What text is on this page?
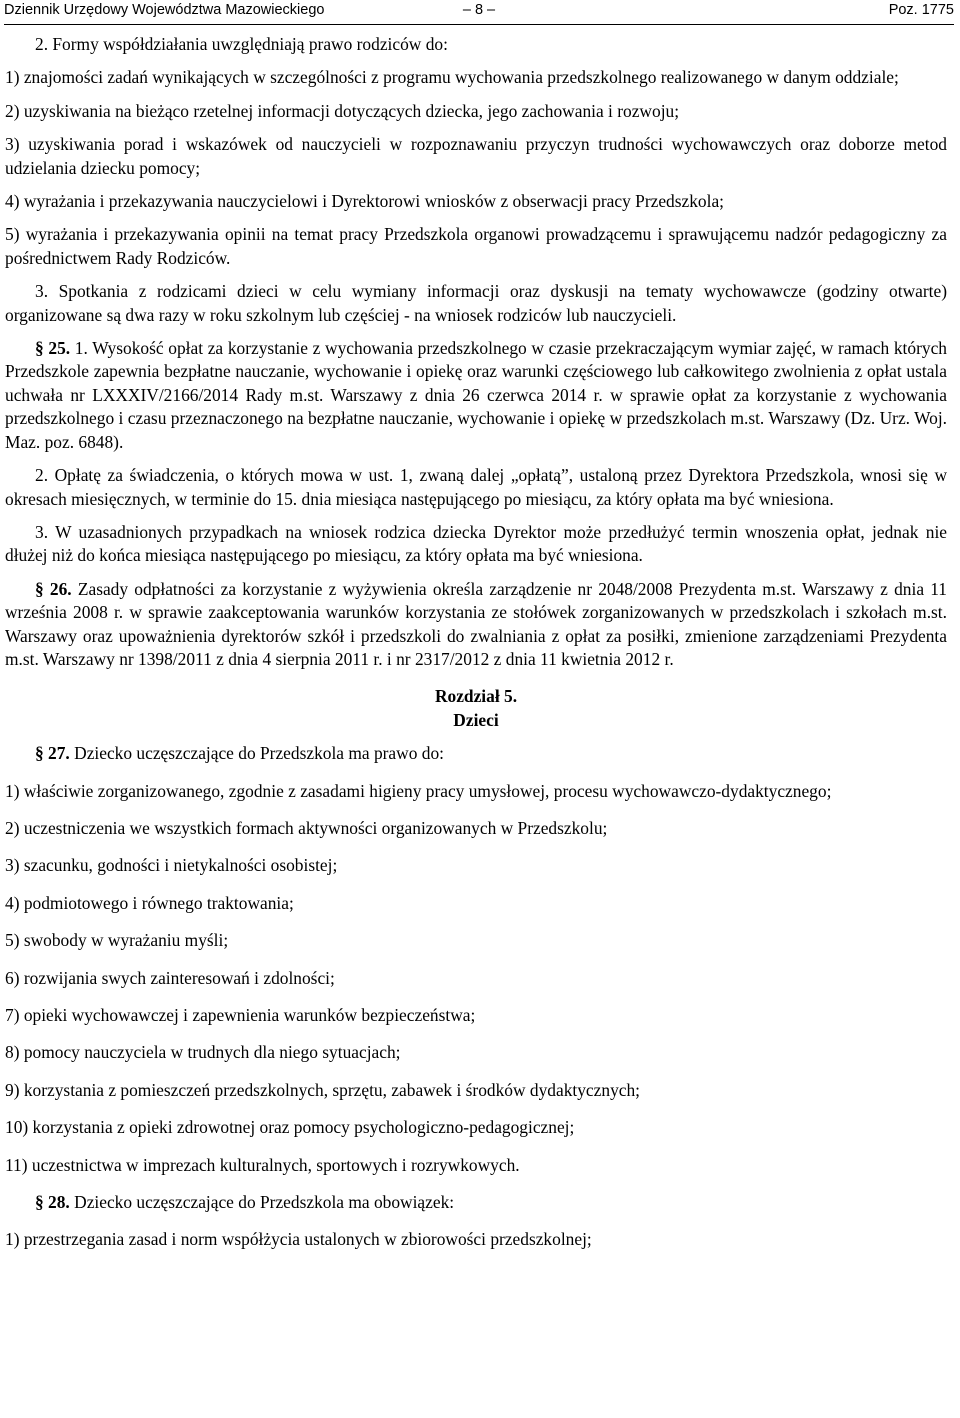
Dziennik Urzędowy Województwa Mazowieckiego	– 8 –	Poz. 1775

2. Formy współdziałania uwzględniają prawo rodziców do:

1) znajomości zadań wynikających w szczególności z programu wychowania przedszkolnego realizowanego w danym oddziale;

2) uzyskiwania na bieżąco rzetelnej informacji dotyczących dziecka, jego zachowania i rozwoju;

3) uzyskiwania porad i wskazówek od nauczycieli w rozpoznawaniu przyczyn trudności wychowawczych oraz doborze metod udzielania dziecku pomocy;

4) wyrażania i przekazywania nauczycielowi i Dyrektorowi wniosków z obserwacji pracy Przedszkola;

5) wyrażania i przekazywania opinii na temat pracy Przedszkola organowi prowadzącemu i sprawującemu nadzór pedagogiczny za pośrednictwem Rady Rodziców.

3. Spotkania z rodzicami dzieci w celu wymiany informacji oraz dyskusji na tematy wychowawcze (godziny otwarte) organizowane są dwa razy w roku szkolnym lub częściej - na wniosek rodziców lub nauczycieli.

§ 25. 1. Wysokość opłat za korzystanie z wychowania przedszkolnego w czasie przekraczającym wymiar zajęć, w ramach których Przedszkole zapewnia bezpłatne nauczanie, wychowanie i opiekę oraz warunki częściowego lub całkowitego zwolnienia z opłat ustala uchwała nr LXXXIV/2166/2014 Rady m.st. Warszawy z dnia 26 czerwca 2014 r. w sprawie opłat za korzystanie z wychowania przedszkolnego i czasu przeznaczonego na bezpłatne nauczanie, wychowanie i opiekę w przedszkolach m.st. Warszawy (Dz. Urz. Woj. Maz. poz. 6848).

2. Opłatę za świadczenia, o których mowa w ust. 1, zwaną dalej „opłatą”, ustaloną przez Dyrektora Przedszkola, wnosi się w okresach miesięcznych, w terminie do 15. dnia miesiąca następującego po miesiącu, za który opłata ma być wniesiona.

3. W uzasadnionych przypadkach na wniosek rodzica dziecka Dyrektor może przedłużyć termin wnoszenia opłat, jednak nie dłużej niż do końca miesiąca następującego po miesiącu, za który opłata ma być wniesiona.

§ 26. Zasady odpłatności za korzystanie z wyżywienia określa zarządzenie nr 2048/2008 Prezydenta m.st. Warszawy z dnia 11 września 2008 r. w sprawie zaakceptowania warunków korzystania ze stołówek zorganizowanych w przedszkolach i szkołach m.st. Warszawy oraz upoważnienia dyrektorów szkół i przedszkoli do zwalniania z opłat za posiłki, zmienione zarządzeniami Prezydenta m.st. Warszawy nr 1398/2011 z dnia 4 sierpnia 2011 r. i nr 2317/2012 z dnia 11 kwietnia 2012 r.

Rozdział 5.

Dzieci

§ 27. Dziecko uczęszczające do Przedszkola ma prawo do:

1) właściwie zorganizowanego, zgodnie z zasadami higieny pracy umysłowej, procesu wychowawczo-dydaktycznego;

2) uczestniczenia we wszystkich formach aktywności organizowanych w Przedszkolu;

3) szacunku, godności i nietykalności osobistej;

4) podmiotowego i równego traktowania;

5) swobody w wyrażaniu myśli;

6) rozwijania swych zainteresowań i zdolności;

7) opieki wychowawczej i zapewnienia warunków bezpieczeństwa;

8) pomocy nauczyciela w trudnych dla niego sytuacjach;

9) korzystania z pomieszczeń przedszkolnych, sprzętu, zabawek i środków dydaktycznych;

10) korzystania z opieki zdrowotnej oraz pomocy psychologiczno-pedagogicznej;

11) uczestnictwa w imprezach kulturalnych, sportowych i rozrywkowych.

§ 28. Dziecko uczęszczające do Przedszkola ma obowiązek:

1) przestrzegania zasad i norm współżycia ustalonych w zbiorowości przedszkolnej;
